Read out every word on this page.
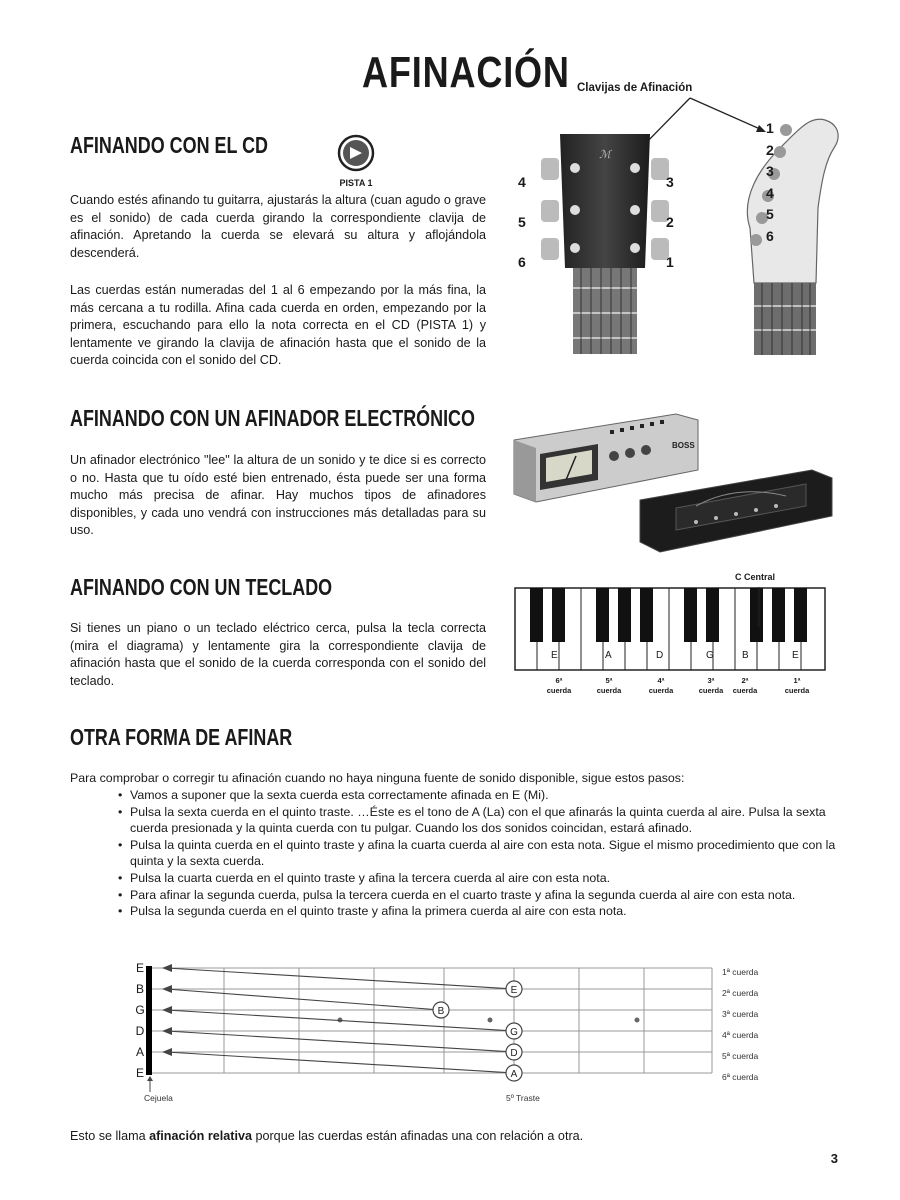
AFINACIÓN
AFINANDO CON EL CD
PISTA 1
Cuando estés afinando tu guitarra, ajustarás la altura (cuan agudo o grave es el sonido) de cada cuerda girando la correspondiente clavija de afinación. Apretando la cuerda se elevará su altura y aflojándola descenderá.
Las cuerdas están numeradas del 1 al 6 empezando por la más fina, la más cercana a tu rodilla. Afina cada cuerda en orden, empezando por la primera, escuchando para ello la nota correcta en el CD (PISTA 1) y lentamente ve girando la clavija de afinación hasta que el sonido de la cuerda coincida con el sonido del CD.
Clavijas de Afinación
ℳ
4
5
6
3
2
1
1
2
3
4
5
6
AFINANDO CON UN AFINADOR ELECTRÓNICO
Un afinador electrónico "lee" la altura de un sonido y te dice si es correcto o no. Hasta que tu oído esté bien entrenado, ésta puede ser una forma mucho más precisa de afinar. Hay muchos tipos de afinadores disponibles, y cada uno vendrá con instrucciones más detalladas para su uso.
BOSS
AFINANDO CON UN TECLADO
Si tienes un piano o un teclado eléctrico cerca, pulsa la tecla correcta (mira el diagrama) y lentamente gira la correspondiente clavija de afinación hasta que el sonido de la cuerda corresponda con el sonido del teclado.
C Central
E	A	D	G	B	E
6ª
cuerda
5ª
cuerda
4ª
cuerda
3ª
cuerda
2ª
cuerda
1ª
cuerda
OTRA FORMA DE AFINAR
Para comprobar o corregir tu afinación cuando no haya ninguna fuente de sonido disponible, sigue estos pasos:
• Vamos a suponer que la sexta cuerda esta correctamente afinada en E (Mi).
• Pulsa la sexta cuerda en el quinto traste. …Éste es el tono de A (La) con el que afinarás la quinta cuerda al aire. Pulsa la sexta cuerda presionada y la quinta cuerda con tu pulgar. Cuando los dos sonidos coincidan, estará afinado.
• Pulsa la quinta cuerda en el quinto traste y afina la cuarta cuerda al aire con esta nota. Sigue el mismo procedimiento que con la quinta y la sexta cuerda.
• Pulsa la cuarta cuerda en el quinto traste y afina la tercera cuerda al aire con esta nota.
• Para afinar la segunda cuerda, pulsa la tercera cuerda en el cuarto traste y afina la segunda cuerda al aire con esta nota.
• Pulsa la segunda cuerda en el quinto traste y afina la primera cuerda al aire con esta nota.
E
B
G
D
A
E
E
B
G
D
A
1ª cuerda
2ª cuerda
3ª cuerda
4ª cuerda
5ª cuerda
6ª cuerda
Cejuela	5º Traste
Esto se llama afinación relativa porque las cuerdas están afinadas una con relación a otra.
3
